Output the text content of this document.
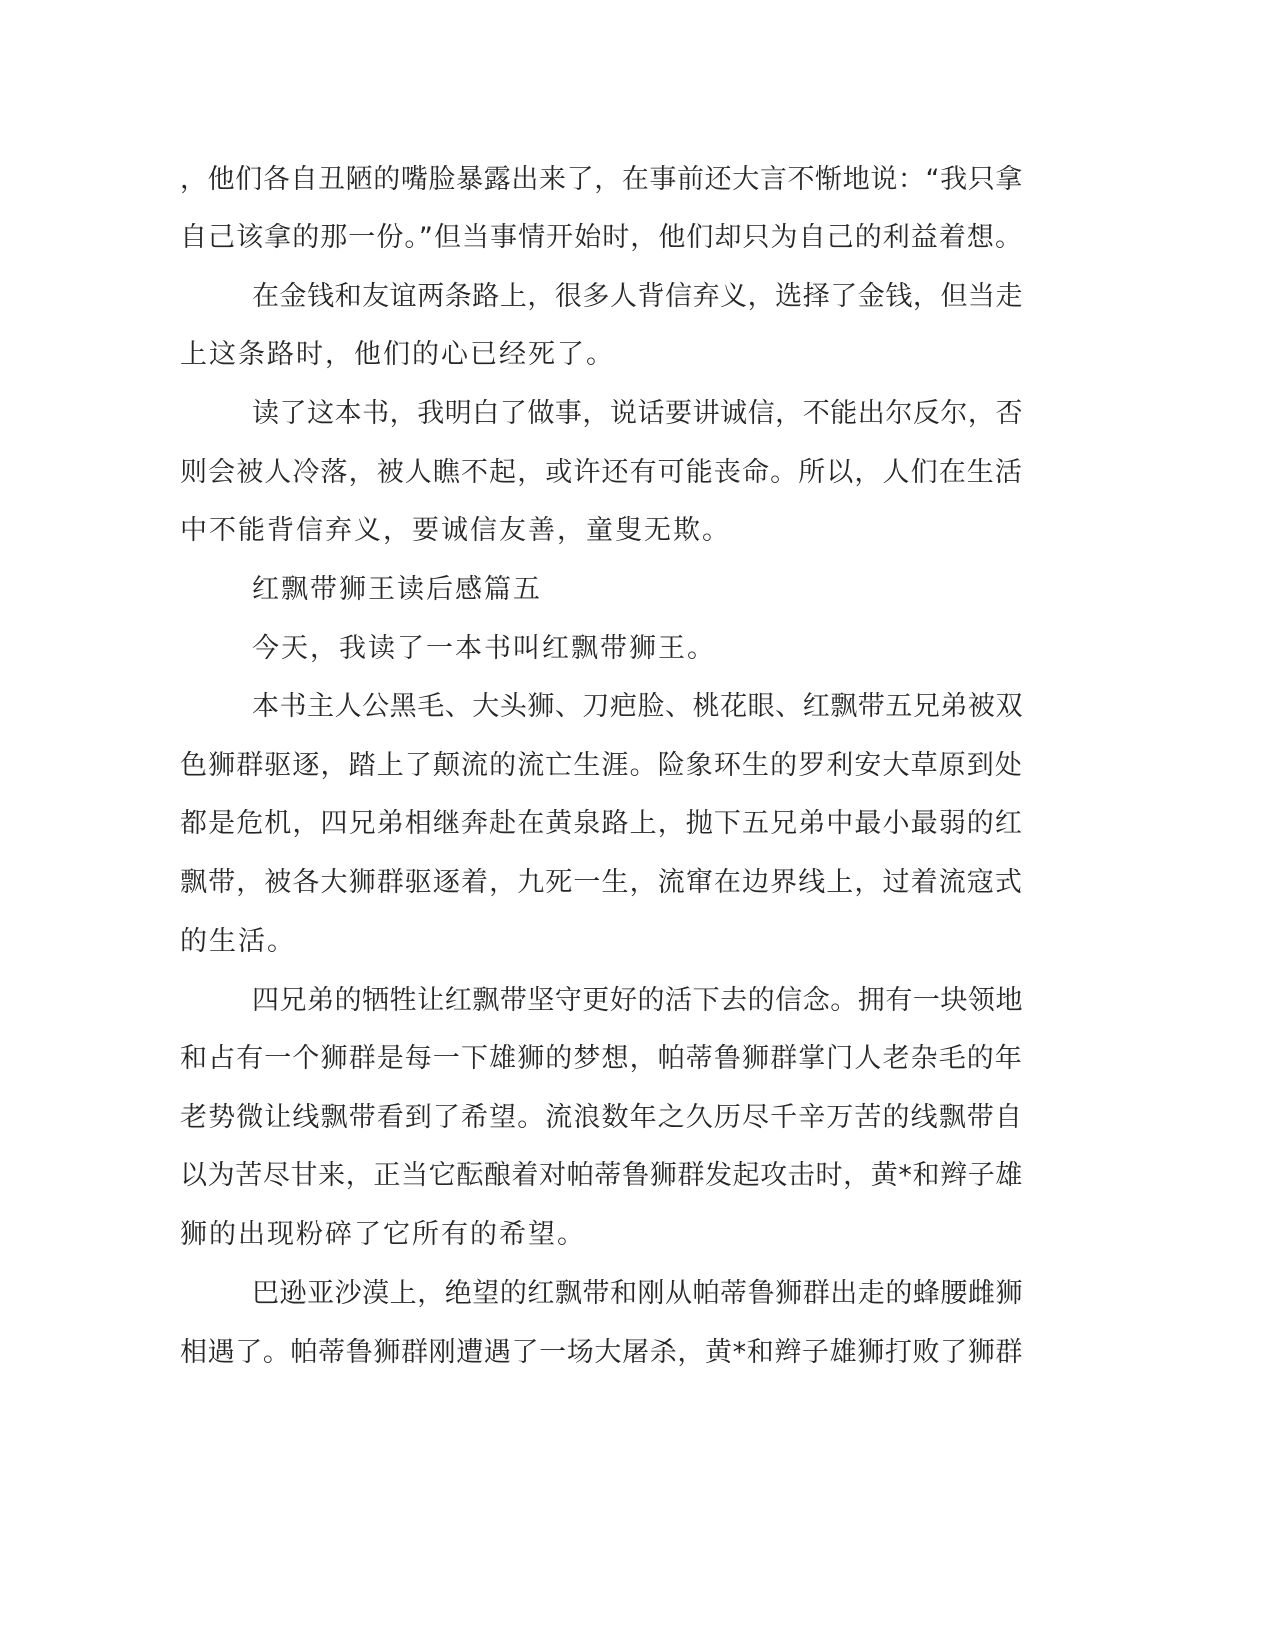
，他们各自丑陋的嘴脸暴露出来了，在事前还大言不惭地说：“我只拿
自己该拿的那一份。”但当事情开始时，他们却只为自己的利益着想。
在金钱和友谊两条路上，很多人背信弃义，选择了金钱，但当走
上这条路时，他们的心已经死了。
读了这本书，我明白了做事，说话要讲诚信，不能出尔反尔，否
则会被人冷落，被人瞧不起，或许还有可能丧命。所以，人们在生活
中不能背信弃义，要诚信友善，童叟无欺。
红飘带狮王读后感篇五
今天，我读了一本书叫红飘带狮王。
本书主人公黑毛、大头狮、刀疤脸、桃花眼、红飘带五兄弟被双
色狮群驱逐，踏上了颠流的流亡生涯。险象环生的罗利安大草原到处
都是危机，四兄弟相继奔赴在黄泉路上，抛下五兄弟中最小最弱的红
飘带，被各大狮群驱逐着，九死一生，流窜在边界线上，过着流寇式
的生活。
四兄弟的牺牲让红飘带坚守更好的活下去的信念。拥有一块领地
和占有一个狮群是每一下雄狮的梦想，帕蒂鲁狮群掌门人老杂毛的年
老势微让线飘带看到了希望。流浪数年之久历尽千辛万苦的线飘带自
以为苦尽甘来，正当它酝酿着对帕蒂鲁狮群发起攻击时，黄*和辫子雄
狮的出现粉碎了它所有的希望。
巴逊亚沙漠上，绝望的红飘带和刚从帕蒂鲁狮群出走的蜂腰雌狮
相遇了。帕蒂鲁狮群刚遭遇了一场大屠杀，黄*和辫子雄狮打败了狮群
